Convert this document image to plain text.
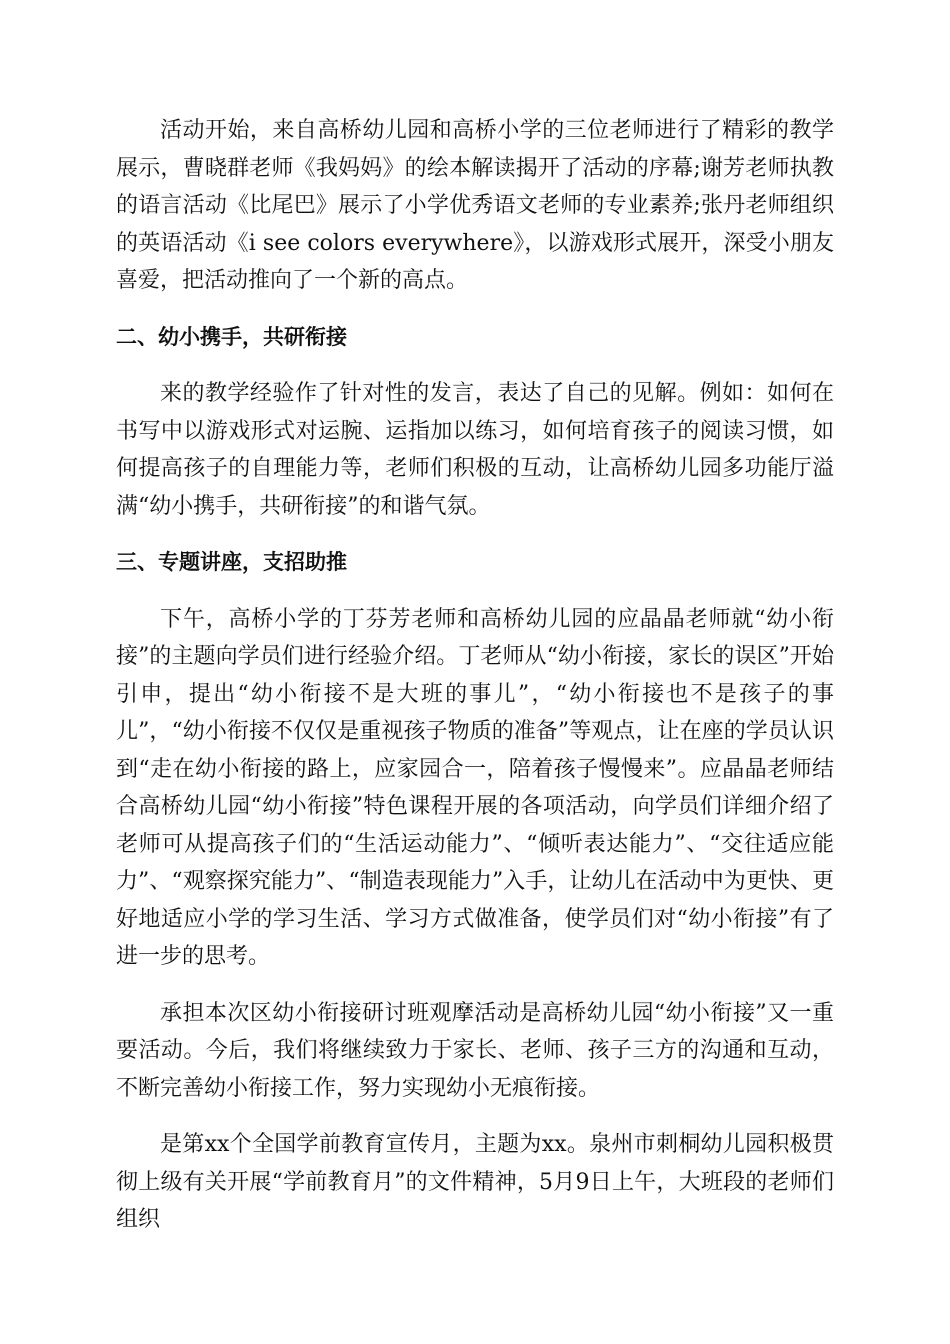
活动开始，来自高桥幼儿园和高桥小学的三位老师进行了精彩的教学展示，曹晓群老师《我妈妈》的绘本解读揭开了活动的序幕;谢芳老师执教的语言活动《比尾巴》展示了小学优秀语文老师的专业素养;张丹老师组织的英语活动《i see colors everywhere》，以游戏形式展开，深受小朋友喜爱，把活动推向了一个新的高点。

二、幼小携手，共研衔接

来的教学经验作了针对性的发言，表达了自己的见解。例如：如何在书写中以游戏形式对运腕、运指加以练习，如何培育孩子的阅读习惯，如何提高孩子的自理能力等，老师们积极的互动，让高桥幼儿园多功能厅溢满“幼小携手，共研衔接”的和谐气氛。

三、专题讲座，支招助推

下午，高桥小学的丁芬芳老师和高桥幼儿园的应晶晶老师就“幼小衔接”的主题向学员们进行经验介绍。丁老师从“幼小衔接，家长的误区”开始引申，提出“幼小衔接不是大班的事儿”，“幼小衔接也不是孩子的事儿”，“幼小衔接不仅仅是重视孩子物质的准备”等观点，让在座的学员认识到“走在幼小衔接的路上，应家园合一，陪着孩子慢慢来”。应晶晶老师结合高桥幼儿园“幼小衔接”特色课程开展的各项活动，向学员们详细介绍了老师可从提高孩子们的“生活运动能力”、“倾听表达能力”、“交往适应能力”、“观察探究能力”、“制造表现能力”入手，让幼儿在活动中为更快、更好地适应小学的学习生活、学习方式做准备，使学员们对“幼小衔接”有了进一步的思考。

承担本次区幼小衔接研讨班观摩活动是高桥幼儿园“幼小衔接”又一重要活动。今后，我们将继续致力于家长、老师、孩子三方的沟通和互动，不断完善幼小衔接工作，努力实现幼小无痕衔接。

是第xx个全国学前教育宣传月，主题为xx。泉州市刺桐幼儿园积极贯彻上级有关开展“学前教育月”的文件精神，5月9日上午，大班段的老师们组织
